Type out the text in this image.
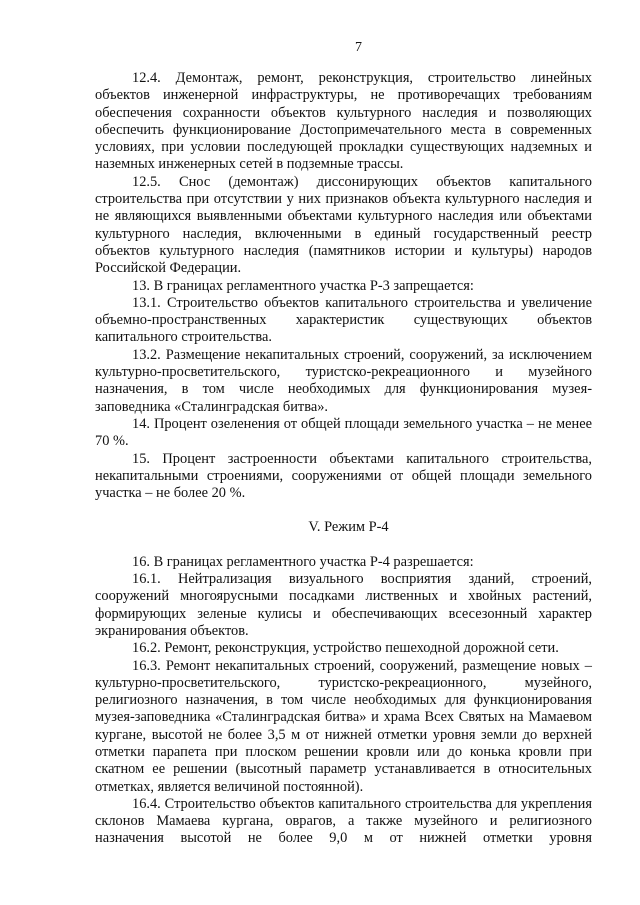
7

12.4. Демонтаж, ремонт, реконструкция, строительство линейных объектов инженерной инфраструктуры, не противоречащих требованиям обеспечения сохранности объектов культурного наследия и позволяющих обеспечить функционирование Достопримечательного места в современных условиях, при условии последующей прокладки существующих надземных и наземных инженерных сетей в подземные трассы.

12.5. Снос (демонтаж) диссонирующих объектов капитального строительства при отсутствии у них признаков объекта культурного наследия и не являющихся выявленными объектами культурного наследия или объектами культурного наследия, включенными в единый государственный реестр объектов культурного наследия (памятников истории и культуры) народов Российской Федерации.

13. В границах регламентного участка Р-3 запрещается:

13.1. Строительство объектов капитального строительства и увеличение объемно-пространственных характеристик существующих объектов капитального строительства.

13.2. Размещение некапитальных строений, сооружений, за исключением культурно-просветительского, туристско-рекреационного и музейного назначения, в том числе необходимых для функционирования музея-заповедника «Сталинградская битва».

14. Процент озеленения от общей площади земельного участка – не менее 70 %.

15. Процент застроенности объектами капитального строительства, некапитальными строениями, сооружениями от общей площади земельного участка – не более 20 %.

V. Режим Р-4

16. В границах регламентного участка Р-4 разрешается:

16.1. Нейтрализация визуального восприятия зданий, строений, сооружений многоярусными посадками лиственных и хвойных растений, формирующих зеленые кулисы и обеспечивающих всесезонный характер экранирования объектов.

16.2. Ремонт, реконструкция, устройство пешеходной дорожной сети.

16.3. Ремонт некапитальных строений, сооружений, размещение новых – культурно-просветительского, туристско-рекреационного, музейного, религиозного назначения, в том числе необходимых для функционирования музея-заповедника «Сталинградская битва» и храма Всех Святых на Мамаевом кургане, высотой не более 3,5 м от нижней отметки уровня земли до верхней отметки парапета при плоском решении кровли или до конька кровли при скатном ее решении (высотный параметр устанавливается в относительных отметках, является величиной постоянной).

16.4. Строительство объектов капитального строительства для укрепления склонов Мамаева кургана, оврагов, а также музейного и религиозного назначения высотой не более 9,0 м от нижней отметки уровня
